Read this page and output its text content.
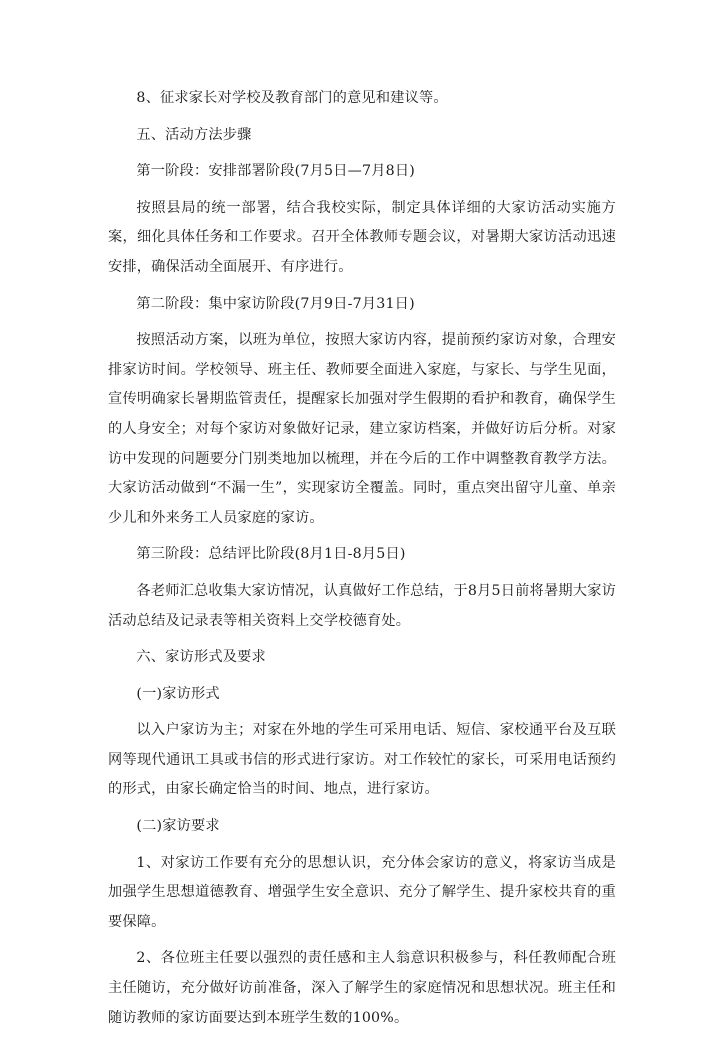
8、征求家长对学校及教育部门的意见和建议等。

五、活动方法步骤

第一阶段：安排部署阶段(7月5日—7月8日)

按照县局的统一部署，结合我校实际，制定具体详细的大家访活动实施方案，细化具体任务和工作要求。召开全体教师专题会议，对暑期大家访活动迅速安排，确保活动全面展开、有序进行。

第二阶段：集中家访阶段(7月9日-7月31日)

按照活动方案，以班为单位，按照大家访内容，提前预约家访对象，合理安排家访时间。学校领导、班主任、教师要全面进入家庭，与家长、与学生见面，宣传明确家长暑期监管责任，提醒家长加强对学生假期的看护和教育，确保学生的人身安全；对每个家访对象做好记录，建立家访档案，并做好访后分析。对家访中发现的问题要分门别类地加以梳理，并在今后的工作中调整教育教学方法。大家访活动做到“不漏一生”，实现家访全覆盖。同时，重点突出留守儿童、单亲少儿和外来务工人员家庭的家访。

第三阶段：总结评比阶段(8月1日-8月5日)

各老师汇总收集大家访情况，认真做好工作总结，于8月5日前将暑期大家访活动总结及记录表等相关资料上交学校德育处。

六、家访形式及要求

(一)家访形式

以入户家访为主；对家在外地的学生可采用电话、短信、家校通平台及互联网等现代通讯工具或书信的形式进行家访。对工作较忙的家长，可采用电话预约的形式，由家长确定恰当的时间、地点，进行家访。

(二)家访要求

1、对家访工作要有充分的思想认识，充分体会家访的意义，将家访当成是加强学生思想道德教育、增强学生安全意识、充分了解学生、提升家校共育的重要保障。

2、各位班主任要以强烈的责任感和主人翁意识积极参与，科任教师配合班主任随访，充分做好访前准备，深入了解学生的家庭情况和思想状况。班主任和随访教师的家访面要达到本班学生数的100%。
